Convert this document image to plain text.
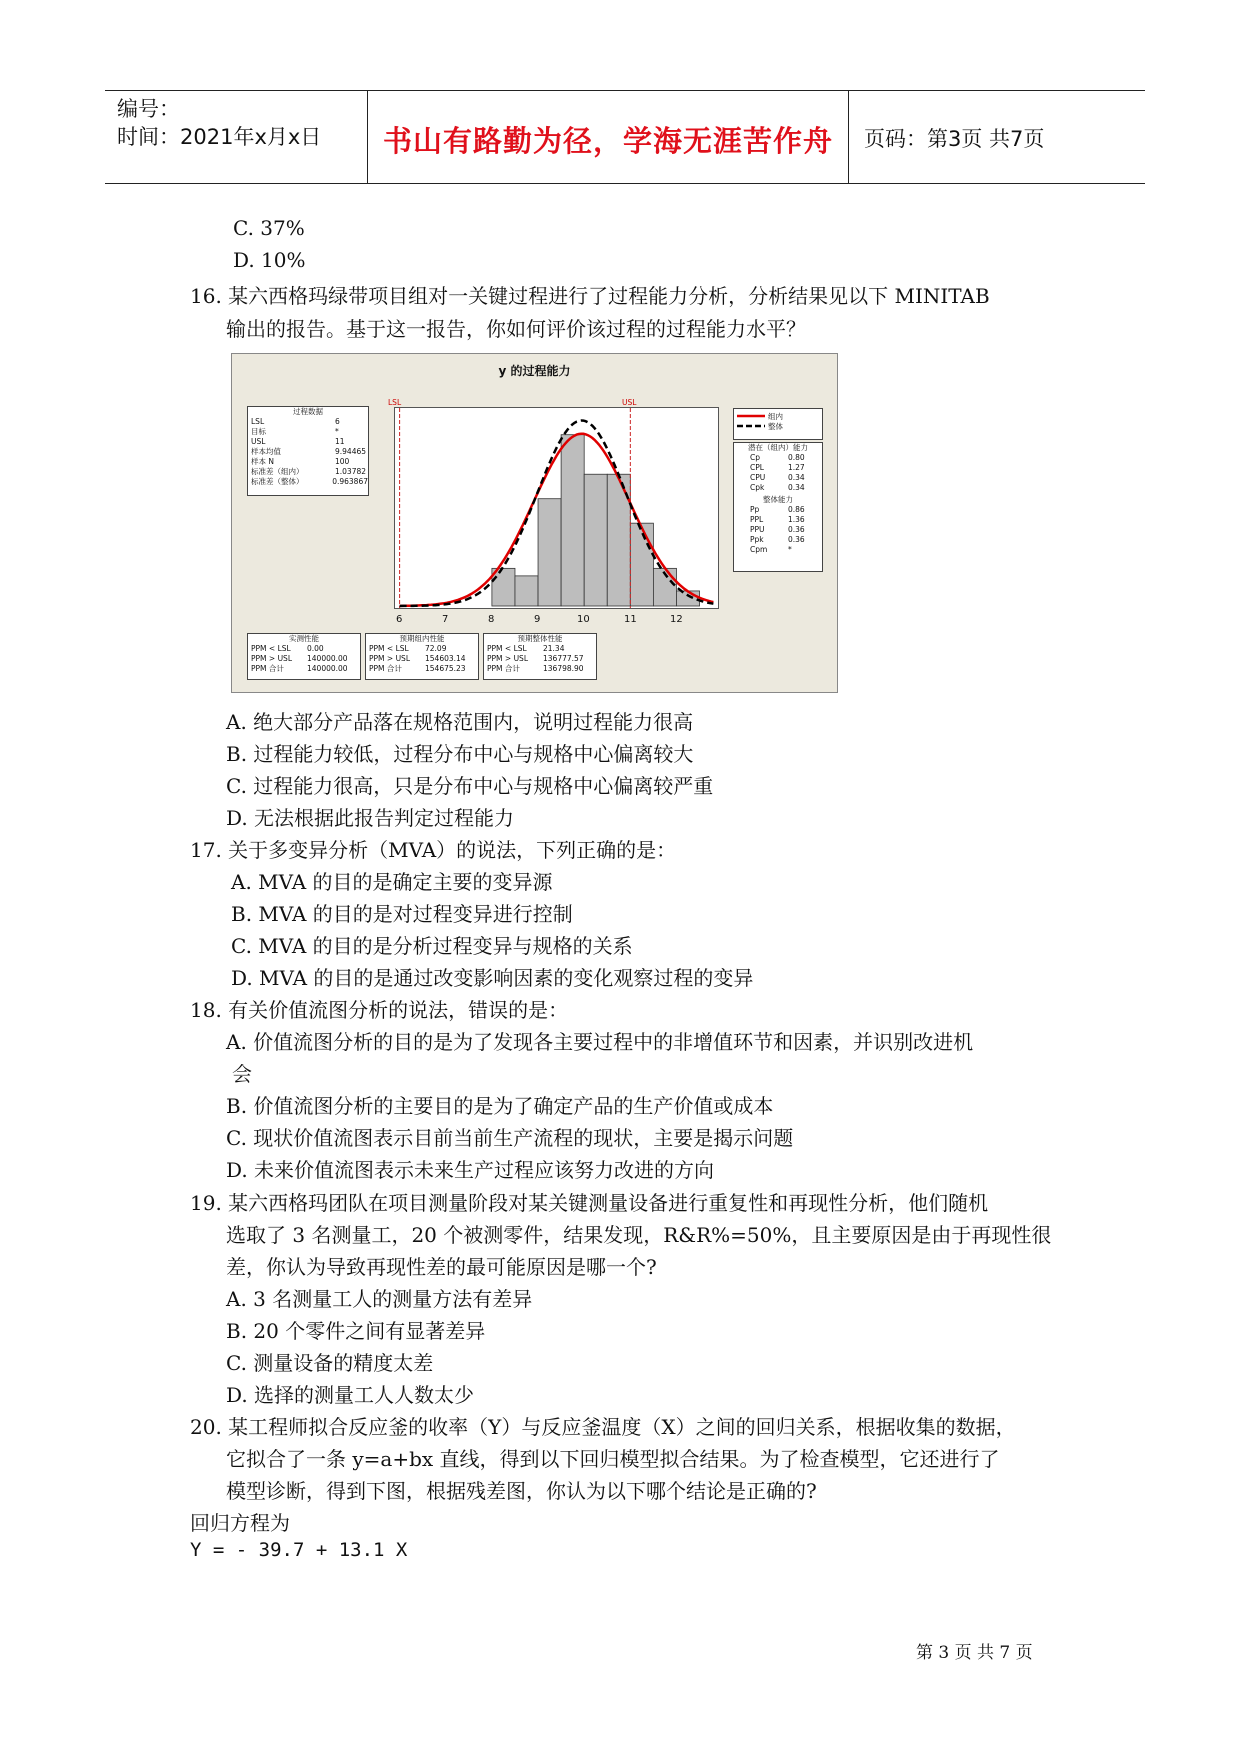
编号：
时间：2021年x月x日	书山有路勤为径，学海无涯苦作舟	页码：第3页 共7页
C. 37%
D. 10%
16. 某六西格玛绿带项目组对一关键过程进行了过程能力分析，分析结果见以下 MINITAB
输出的报告。基于这一报告，你如何评价该过程的过程能力水平？
y 的过程能力
过程数据
LSL	6
目标	*
USL	11
样本均值	9.94465
样本 N	100
标准差（组内）	1.03782
标准差（整体）	0.963867
LSL	USL
6	7	8	9	10	11	12
组内
整体
潜在（组内）能力
Cp	0.80
CPL	1.27
CPU	0.34
Cpk	0.34
整体能力
Pp	0.86
PPL	1.36
PPU	0.36
Ppk	0.36
Cpm	*
实测性能
PPM < LSL	0.00
PPM > USL	140000.00
PPM 合计	140000.00
预期组内性能
PPM < LSL	72.09
PPM > USL	154603.14
PPM 合计	154675.23
预期整体性能
PPM < LSL	21.34
PPM > USL	136777.57
PPM 合计	136798.90
A. 绝大部分产品落在规格范围内，说明过程能力很高
B. 过程能力较低，过程分布中心与规格中心偏离较大
C. 过程能力很高，只是分布中心与规格中心偏离较严重
D. 无法根据此报告判定过程能力
17. 关于多变异分析（MVA）的说法，下列正确的是：
A. MVA 的目的是确定主要的变异源
B. MVA 的目的是对过程变异进行控制
C. MVA 的目的是分析过程变异与规格的关系
D. MVA 的目的是通过改变影响因素的变化观察过程的变异
18. 有关价值流图分析的说法，错误的是：
A. 价值流图分析的目的是为了发现各主要过程中的非增值环节和因素，并识别改进机
会
B. 价值流图分析的主要目的是为了确定产品的生产价值或成本
C. 现状价值流图表示目前当前生产流程的现状，主要是揭示问题
D. 未来价值流图表示未来生产过程应该努力改进的方向
19. 某六西格玛团队在项目测量阶段对某关键测量设备进行重复性和再现性分析，他们随机
选取了 3 名测量工，20 个被测零件，结果发现，R&R%=50%，且主要原因是由于再现性很
差，你认为导致再现性差的最可能原因是哪一个?
A. 3 名测量工人的测量方法有差异
B. 20 个零件之间有显著差异
C. 测量设备的精度太差
D. 选择的测量工人人数太少
20. 某工程师拟合反应釜的收率（Y）与反应釜温度（X）之间的回归关系，根据收集的数据，
它拟合了一条 y=a+bx 直线，得到以下回归模型拟合结果。为了检查模型，它还进行了
模型诊断，得到下图，根据残差图，你认为以下哪个结论是正确的?
回归方程为
Y = - 39.7 + 13.1 X
第 3 页 共 7 页
